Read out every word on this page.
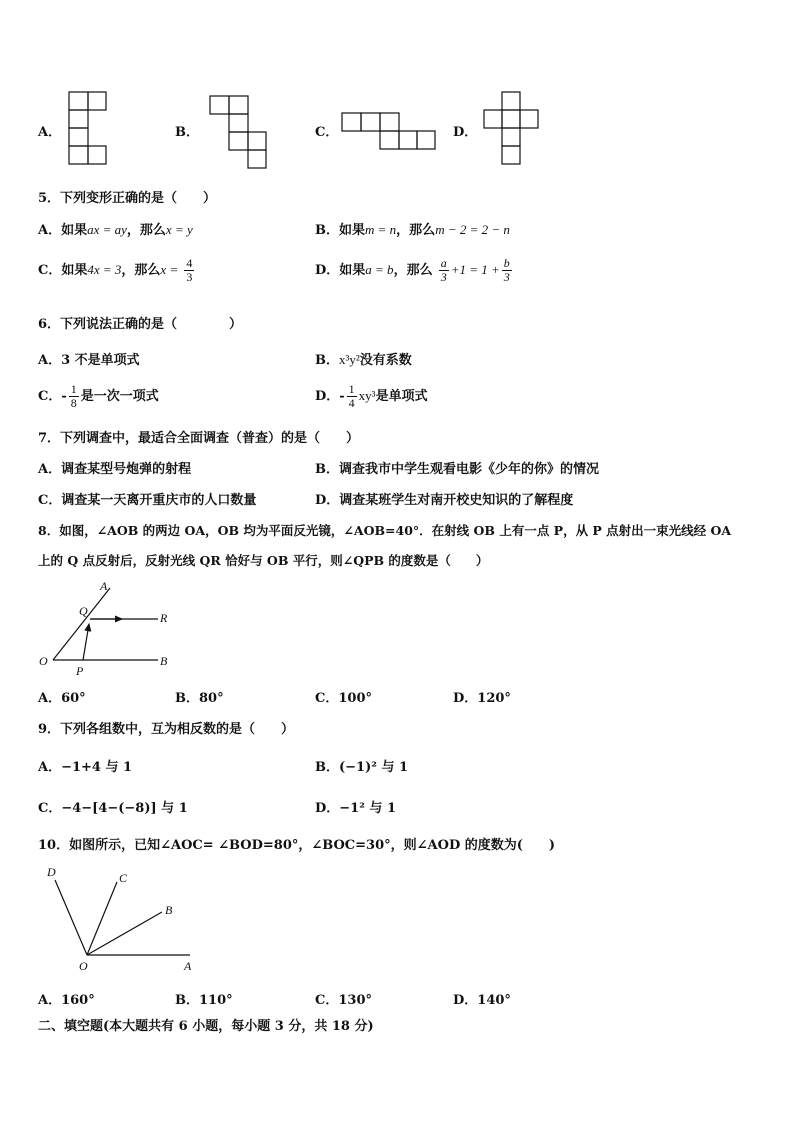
A．	B．	C．	D．
5．下列变形正确的是（　　）
A．如果ax = ay，那么x = y	B．如果m = n，那么m − 2 = 2 − n
C．如果4x = 3，那么$x = \frac{4}{3}$	D．如果a = b，那么 $\frac{a}{3} +1 = 1 + \frac{b}{3}$
6．下列说法正确的是（　　　　）
A．3 不是单项式	B．x³y²没有系数
C．- $\frac{1}{8}$ 是一次一项式	D．- $\frac{1}{4} xy^3$是单项式
7．下列调查中，最适合全面调查（普查）的是（　　）
A．调查某型号炮弹的射程	B．调查我市中学生观看电影《少年的你》的情况
C．调查某一天离开重庆市的人口数量	D．调查某班学生对南开校史知识的了解程度
8．如图，∠AOB 的两边 OA，OB 均为平面反光镜，∠AOB=40°．在射线 OB 上有一点 P，从 P 点射出一束光线经 OA
上的 Q 点反射后，反射光线 QR 恰好与 OB 平行，则∠QPB 的度数是（　　）
A
Q	R
O
P
B
A．60°	B．80°	C．100°	D．120°
9．下列各组数中，互为相反数的是（　　）
A．−1+4 与 1	B．(−1)² 与 1
C．−4−[4−(−8)] 与 1	D．−1² 与 1
10．如图所示，已知∠AOC= ∠BOD=80°，∠BOC=30°，则∠AOD 的度数为(　　)
D	C
B
O	A
A．160°	B．110°	C．130°	D．140°
二、填空题(本大题共有 6 小题，每小题 3 分，共 18 分)
